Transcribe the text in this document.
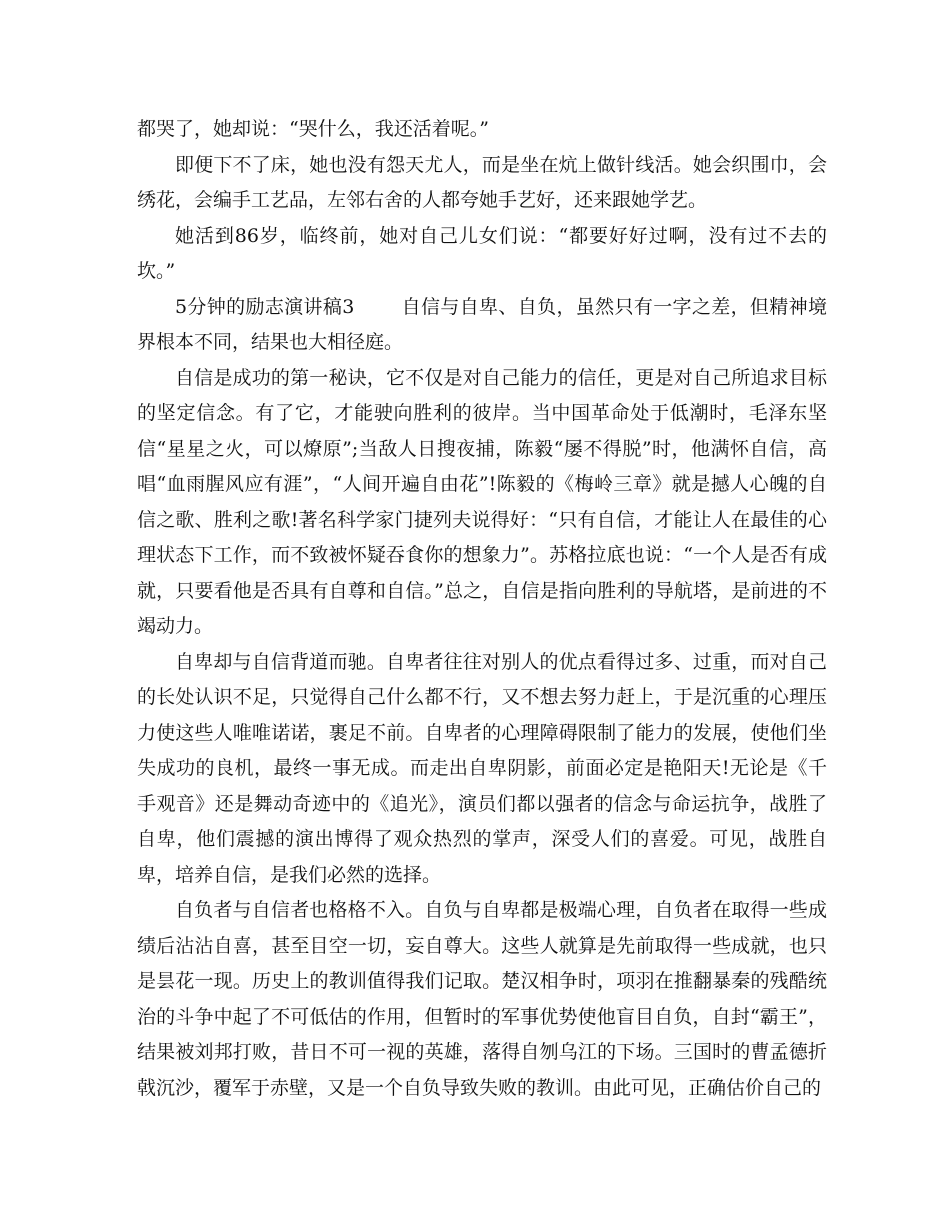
都哭了，她却说：“哭什么，我还活着呢。”

即便下不了床，她也没有怨天尤人，而是坐在炕上做针线活。她会织围巾，会绣花，会编手工艺品，左邻右舍的人都夸她手艺好，还来跟她学艺。

她活到86岁，临终前，她对自己儿女们说：“都要好好过啊，没有过不去的坎。”

5分钟的励志演讲稿3 自信与自卑、自负，虽然只有一字之差，但精神境界根本不同，结果也大相径庭。

自信是成功的第一秘诀，它不仅是对自己能力的信任，更是对自己所追求目标的坚定信念。有了它，才能驶向胜利的彼岸。当中国革命处于低潮时，毛泽东坚信“星星之火，可以燎原”;当敌人日搜夜捕，陈毅“屡不得脱”时，他满怀自信，高唱“血雨腥风应有涯”，“人间开遍自由花”!陈毅的《梅岭三章》就是撼人心魄的自信之歌、胜利之歌!著名科学家门捷列夫说得好：“只有自信，才能让人在最佳的心理状态下工作，而不致被怀疑吞食你的想象力”。苏格拉底也说：“一个人是否有成就，只要看他是否具有自尊和自信。”总之，自信是指向胜利的导航塔，是前进的不竭动力。

自卑却与自信背道而驰。自卑者往往对别人的优点看得过多、过重，而对自己的长处认识不足，只觉得自己什么都不行，又不想去努力赶上，于是沉重的心理压力使这些人唯唯诺诺，裹足不前。自卑者的心理障碍限制了能力的发展，使他们坐失成功的良机，最终一事无成。而走出自卑阴影，前面必定是艳阳天!无论是《千手观音》还是舞动奇迹中的《追光》，演员们都以强者的信念与命运抗争，战胜了自卑，他们震撼的演出博得了观众热烈的掌声，深受人们的喜爱。可见，战胜自卑，培养自信，是我们必然的选择。

自负者与自信者也格格不入。自负与自卑都是极端心理，自负者在取得一些成绩后沾沾自喜，甚至目空一切，妄自尊大。这些人就算是先前取得一些成就，也只是昙花一现。历史上的教训值得我们记取。楚汉相争时，项羽在推翻暴秦的残酷统治的斗争中起了不可低估的作用，但暂时的军事优势使他盲目自负，自封“霸王”，结果被刘邦打败，昔日不可一视的英雄，落得自刎乌江的下场。三国时的曹孟德折戟沉沙，覆军于赤壁，又是一个自负导致失败的教训。由此可见，正确估价自己的
